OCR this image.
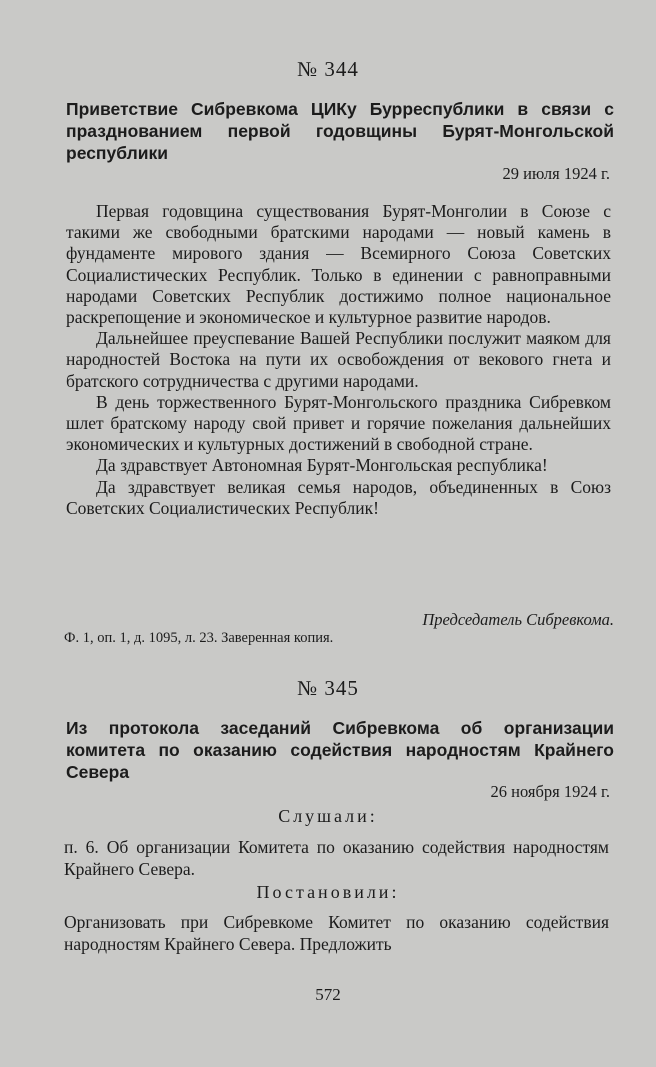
№ 344

Приветствие Сибревкома ЦИКу Бурреспублики в связи с празднованием первой годовщины Бурят-Монгольской республики

29 июля 1924 г.

Первая годовщина существования Бурят-Монголии в Союзе с такими же свободными братскими народами — новый камень в фундаменте мирового здания — Всемирного Союза Советских Социалистических Республик. Только в единении с равноправными народами Советских Республик достижимо полное национальное раскрепощение и экономическое и культурное развитие народов.

Дальнейшее преуспевание Вашей Республики послужит маяком для народностей Востока на пути их освобождения от векового гнета и братского сотрудничества с другими народами.

В день торжественного Бурят-Монгольского праздника Сибревком шлет братскому народу свой привет и горячие пожелания дальнейших экономических и культурных достижений в свободной стране.

Да здравствует Автономная Бурят-Монгольская республика!

Да здравствует великая семья народов, объединенных в Союз Советских Социалистических Республик!

Председатель Сибревкома.
Ф. 1, оп. 1, д. 1095, л. 23. Заверенная копия.
№ 345

Из протокола заседаний Сибревкома об организации комитета по оказанию содействия народностям Крайнего Севера

26 ноября 1924 г.
Слушали:

п. 6. Об организации Комитета по оказанию содействия народностям Крайнего Севера.

Постановили:

Организовать при Сибревкоме Комитет по оказанию содействия народностям Крайнего Севера. Предложить

572
